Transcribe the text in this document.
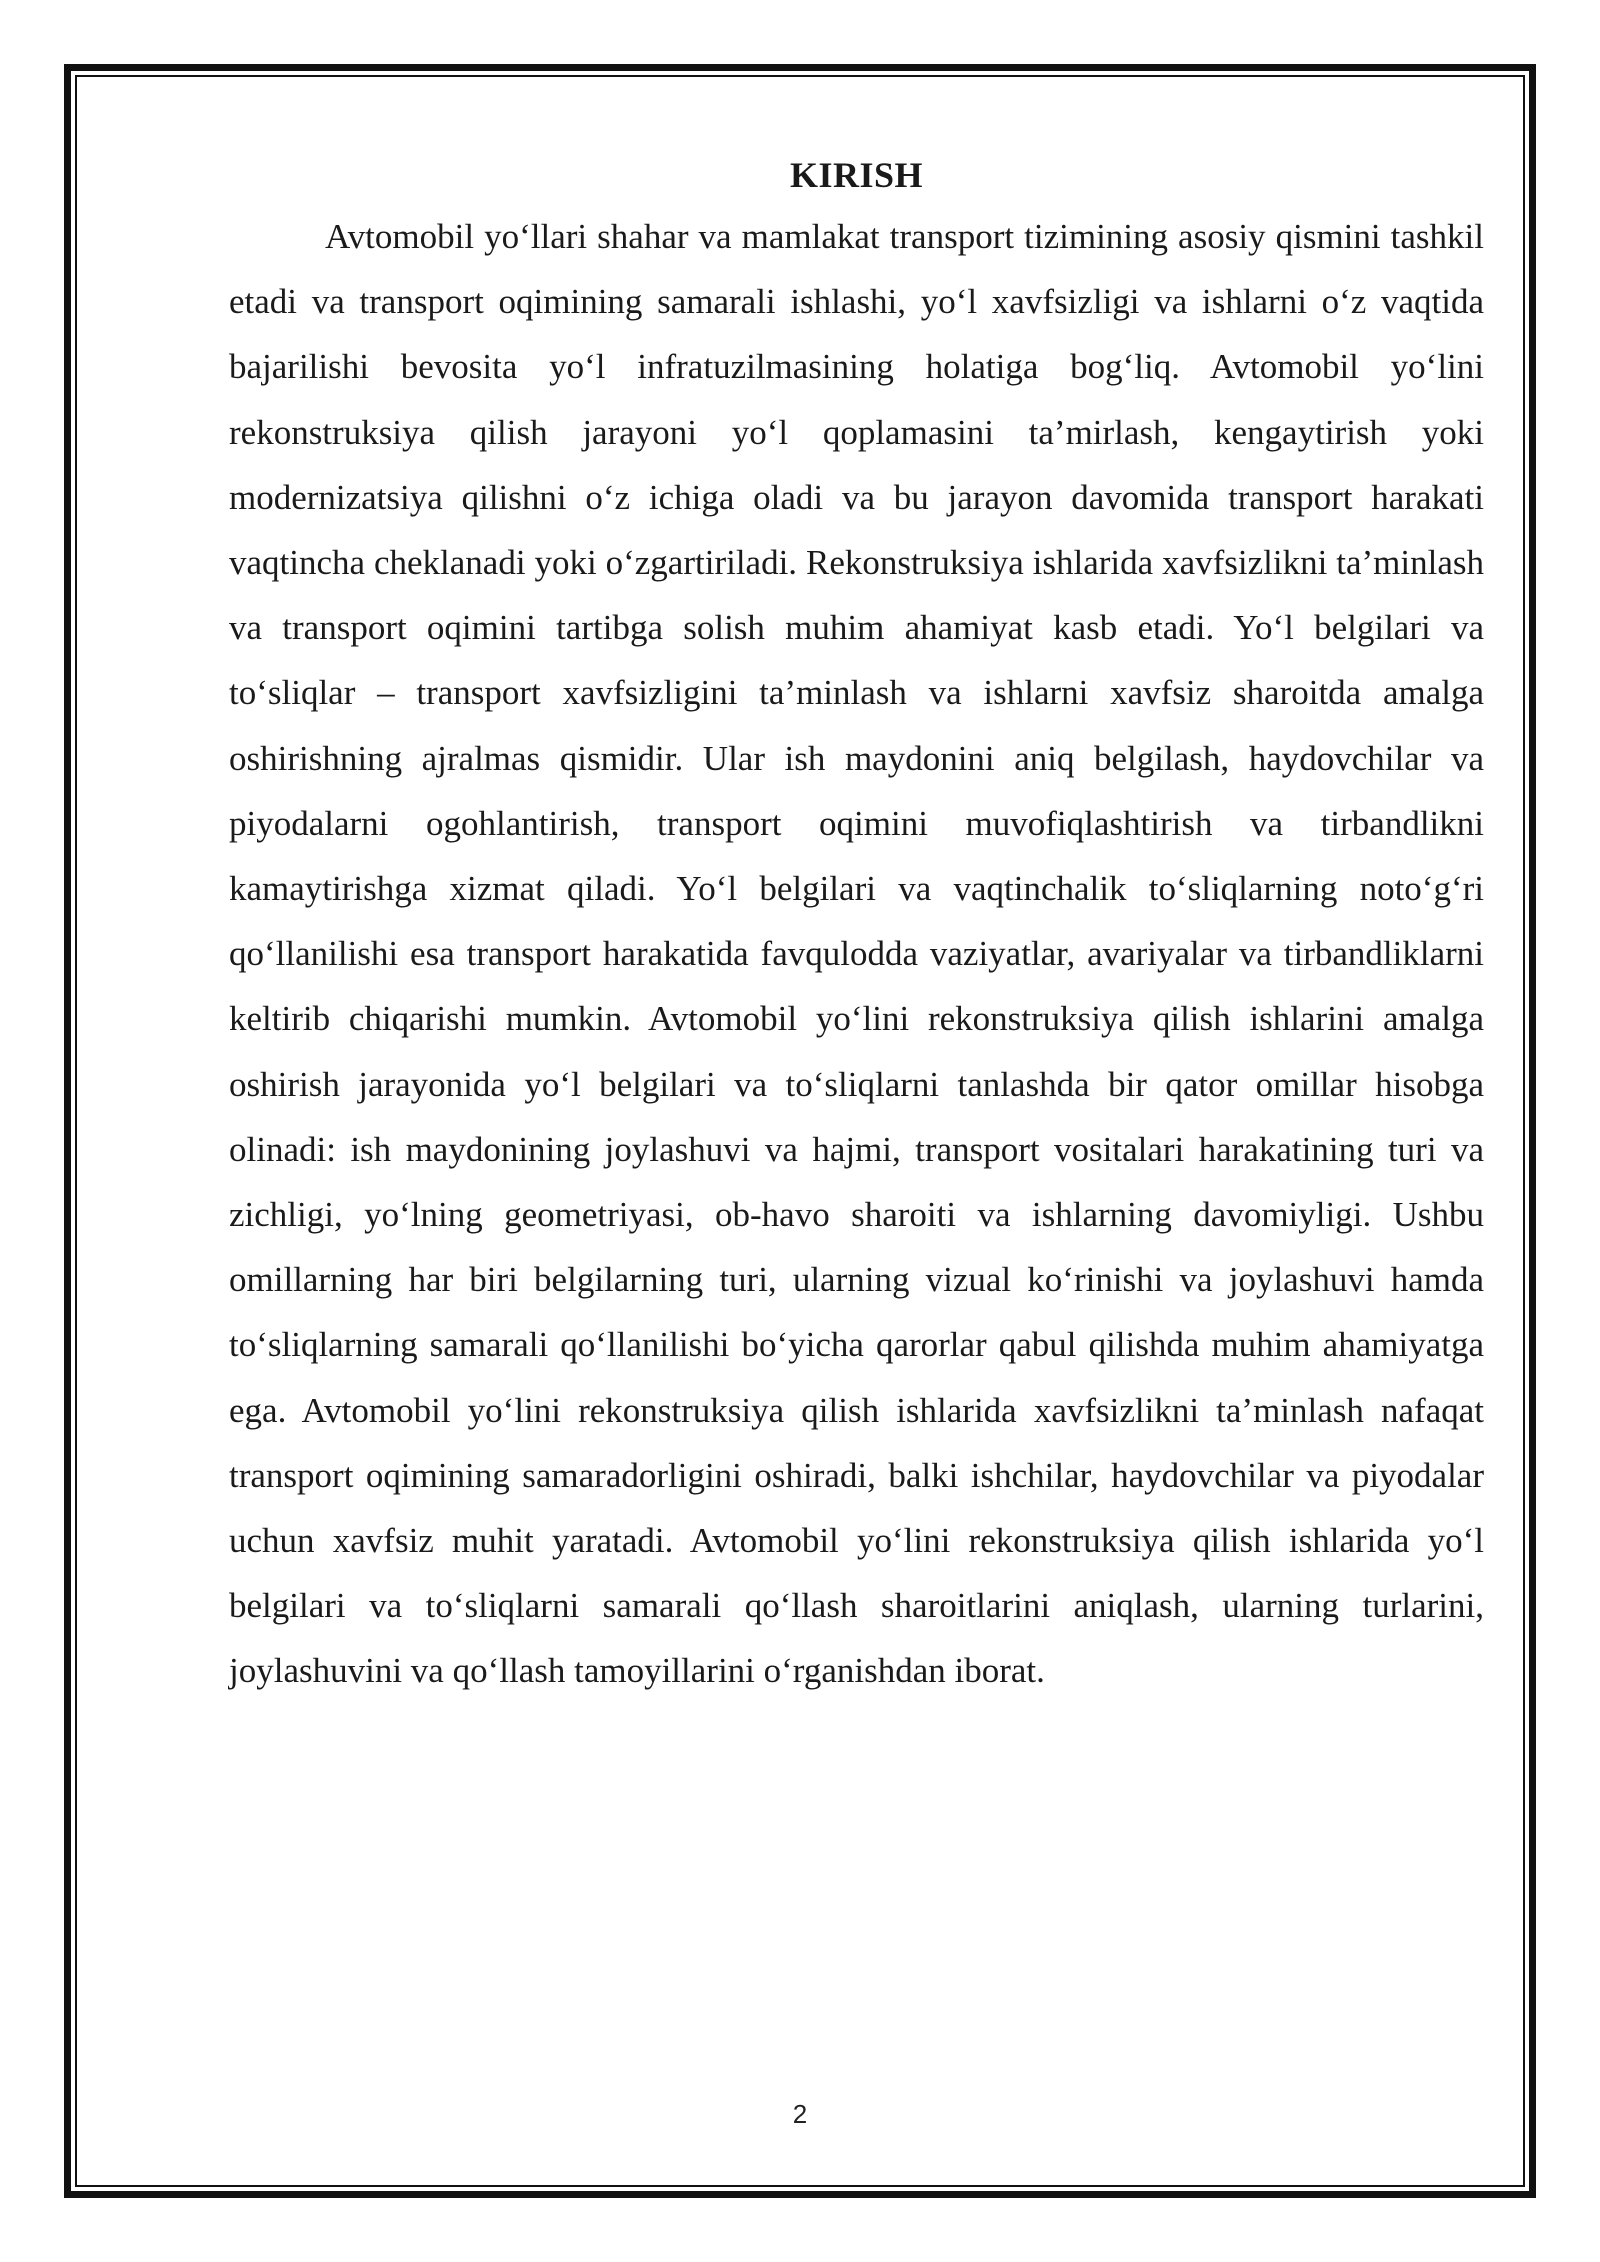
KIRISH

Avtomobil yo‘llari shahar va mamlakat transport tizimining asosiy qismini tashkil etadi va transport oqimining samarali ishlashi, yo‘l xavfsizligi va ishlarni o‘z vaqtida bajarilishi bevosita yo‘l infratuzilmasining holatiga bog‘liq. Avtomobil yo‘lini rekonstruksiya qilish jarayoni yo‘l qoplamasini ta’mirlash, kengaytirish yoki modernizatsiya qilishni o‘z ichiga oladi va bu jarayon davomida transport harakati vaqtincha cheklanadi yoki o‘zgartiriladi. Rekonstruksiya ishlarida xavfsizlikni ta’minlash va transport oqimini tartibga solish muhim ahamiyat kasb etadi. Yo‘l belgilari va to‘sliqlar – transport xavfsizligini ta’minlash va ishlarni xavfsiz sharoitda amalga oshirishning ajralmas qismidir. Ular ish maydonini aniq belgilash, haydovchilar va piyodalarni ogohlantirish, transport oqimini muvofiqlashtirish va tirbandlikni kamaytirishga xizmat qiladi. Yo‘l belgilari va vaqtinchalik to‘sliqlarning noto‘g‘ri qo‘llanilishi esa transport harakatida favqulodda vaziyatlar, avariyalar va tirbandliklarni keltirib chiqarishi mumkin. Avtomobil yo‘lini rekonstruksiya qilish ishlarini amalga oshirish jarayonida yo‘l belgilari va to‘sliqlarni tanlashda bir qator omillar hisobga olinadi: ish maydonining joylashuvi va hajmi, transport vositalari harakatining turi va zichligi, yo‘lning geometriyasi, ob-havo sharoiti va ishlarning davomiyligi. Ushbu omillarning har biri belgilarning turi, ularning vizual ko‘rinishi va joylashuvi hamda to‘sliqlarning samarali qo‘llanilishi bo‘yicha qarorlar qabul qilishda muhim ahamiyatga ega. Avtomobil yo‘lini rekonstruksiya qilish ishlarida xavfsizlikni ta’minlash nafaqat transport oqimining samaradorligini oshiradi, balki ishchilar, haydovchilar va piyodalar uchun xavfsiz muhit yaratadi. Avtomobil yo‘lini rekonstruksiya qilish ishlarida yo‘l belgilari va to‘sliqlarni samarali qo‘llash sharoitlarini aniqlash, ularning turlarini, joylashuvini va qo‘llash tamoyillarini o‘rganishdan iborat.

2
